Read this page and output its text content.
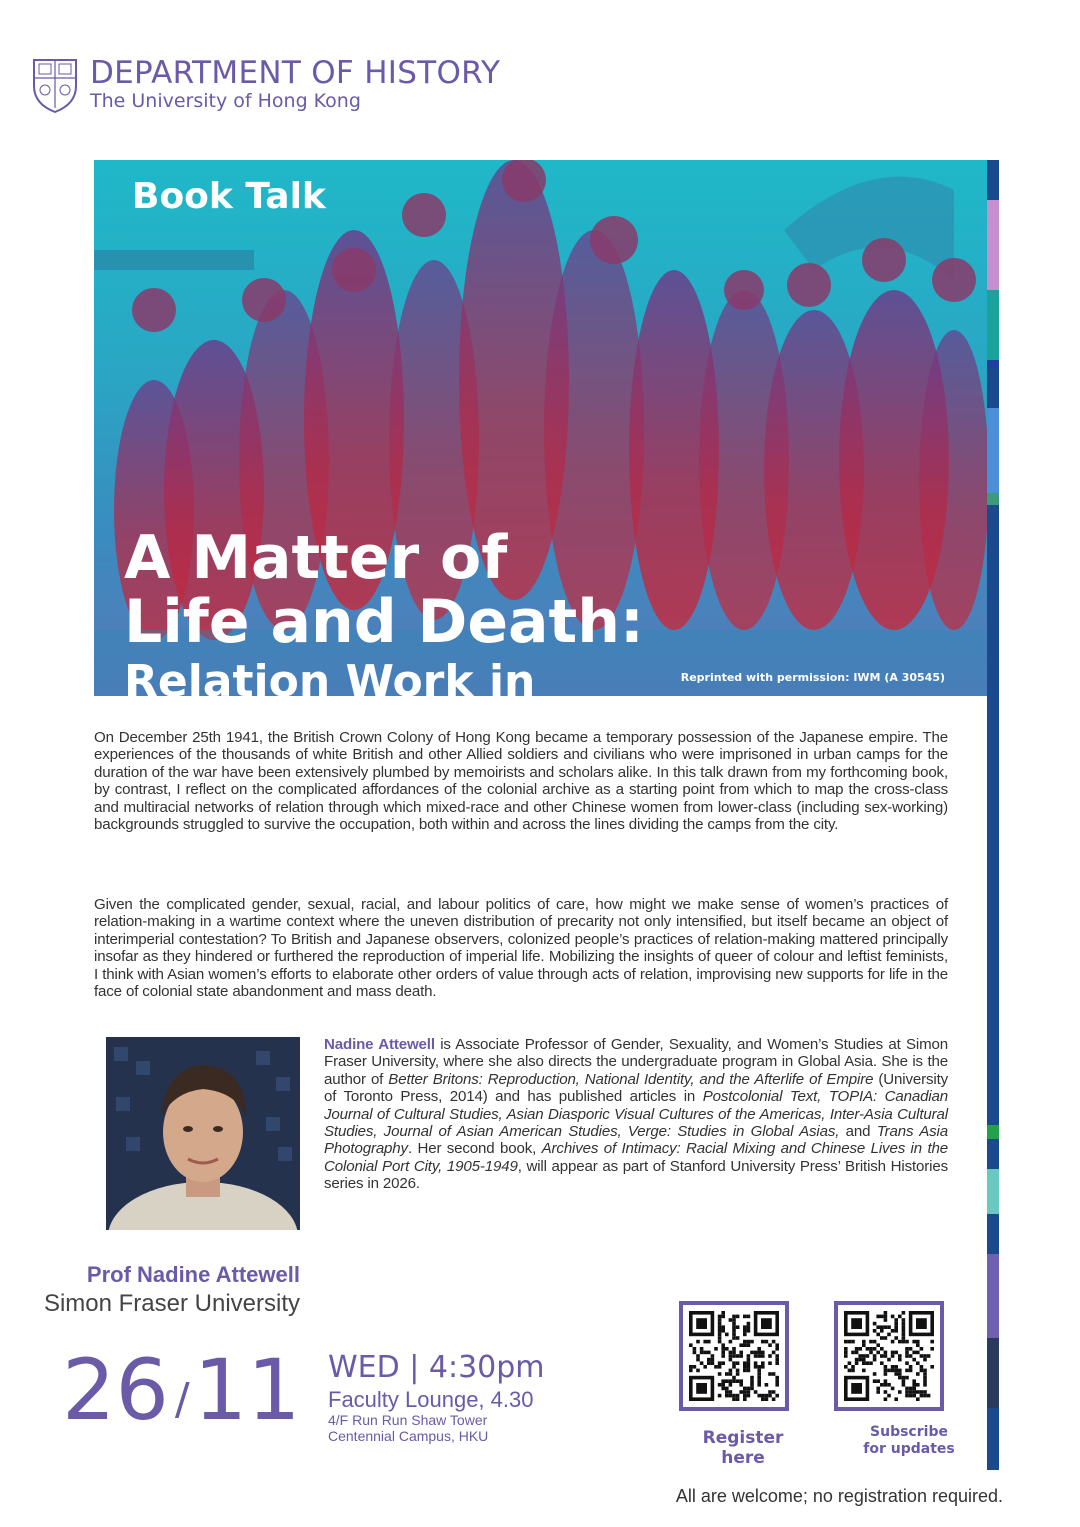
DEPARTMENT OF HISTORY
The University of Hong Kong
Book Talk
A Matter of
Life and Death:
Relation Work in	Reprinted with permission: IWM (A 30545)

On December 25th 1941, the British Crown Colony of Hong Kong became a temporary possession of the Japanese empire. The experiences of the thousands of white British and other Allied soldiers and civilians who were imprisoned in urban camps for the duration of the war have been extensively plumbed by memoirists and scholars alike. In this talk drawn from my forthcoming book, by contrast, I reflect on the complicated affordances of the colonial archive as a starting point from which to map the cross-class and multiracial networks of relation through which mixed-race and other Chinese women from lower-class (including sex-working) backgrounds struggled to survive the occupation, both within and across the lines dividing the camps from the city.

Given the complicated gender, sexual, racial, and labour politics of care, how might we make sense of women’s practices of relation-making in a wartime context where the uneven distribution of precarity not only intensified, but itself became an object of interimperial contestation? To British and Japanese observers, colonized people’s practices of relation-making mattered principally insofar as they hindered or furthered the reproduction of imperial life. Mobilizing the insights of queer of colour and leftist feminists, I think with Asian women’s efforts to elaborate other orders of value through acts of relation, improvising new supports for life in the face of colonial state abandonment and mass death.

Nadine Attewell is Associate Professor of Gender, Sexuality, and Women’s Studies at Simon Fraser University, where she also directs the undergraduate program in Global Asia. She is the author of Better Britons: Reproduction, National Identity, and the Afterlife of Empire (University of Toronto Press, 2014) and has published articles in Postcolonial Text, TOPIA: Canadian Journal of Cultural Studies, Asian Diasporic Visual Cultures of the Americas, Inter-Asia Cultural Studies, Journal of Asian American Studies, Verge: Studies in Global Asias, and Trans Asia Photography. Her second book, Archives of Intimacy: Racial Mixing and Chinese Lives in the Colonial Port City, 1905-1949, will appear as part of Stanford University Press’ British Histories series in 2026.

Prof Nadine Attewell
Simon Fraser University
26 / 11 WED | 4:30pm
Faculty Lounge, 4.30
4/F Run Run Shaw Tower
Centennial Campus, HKU	Register here
Subscribe
for updates
All are welcome; no registration required.
